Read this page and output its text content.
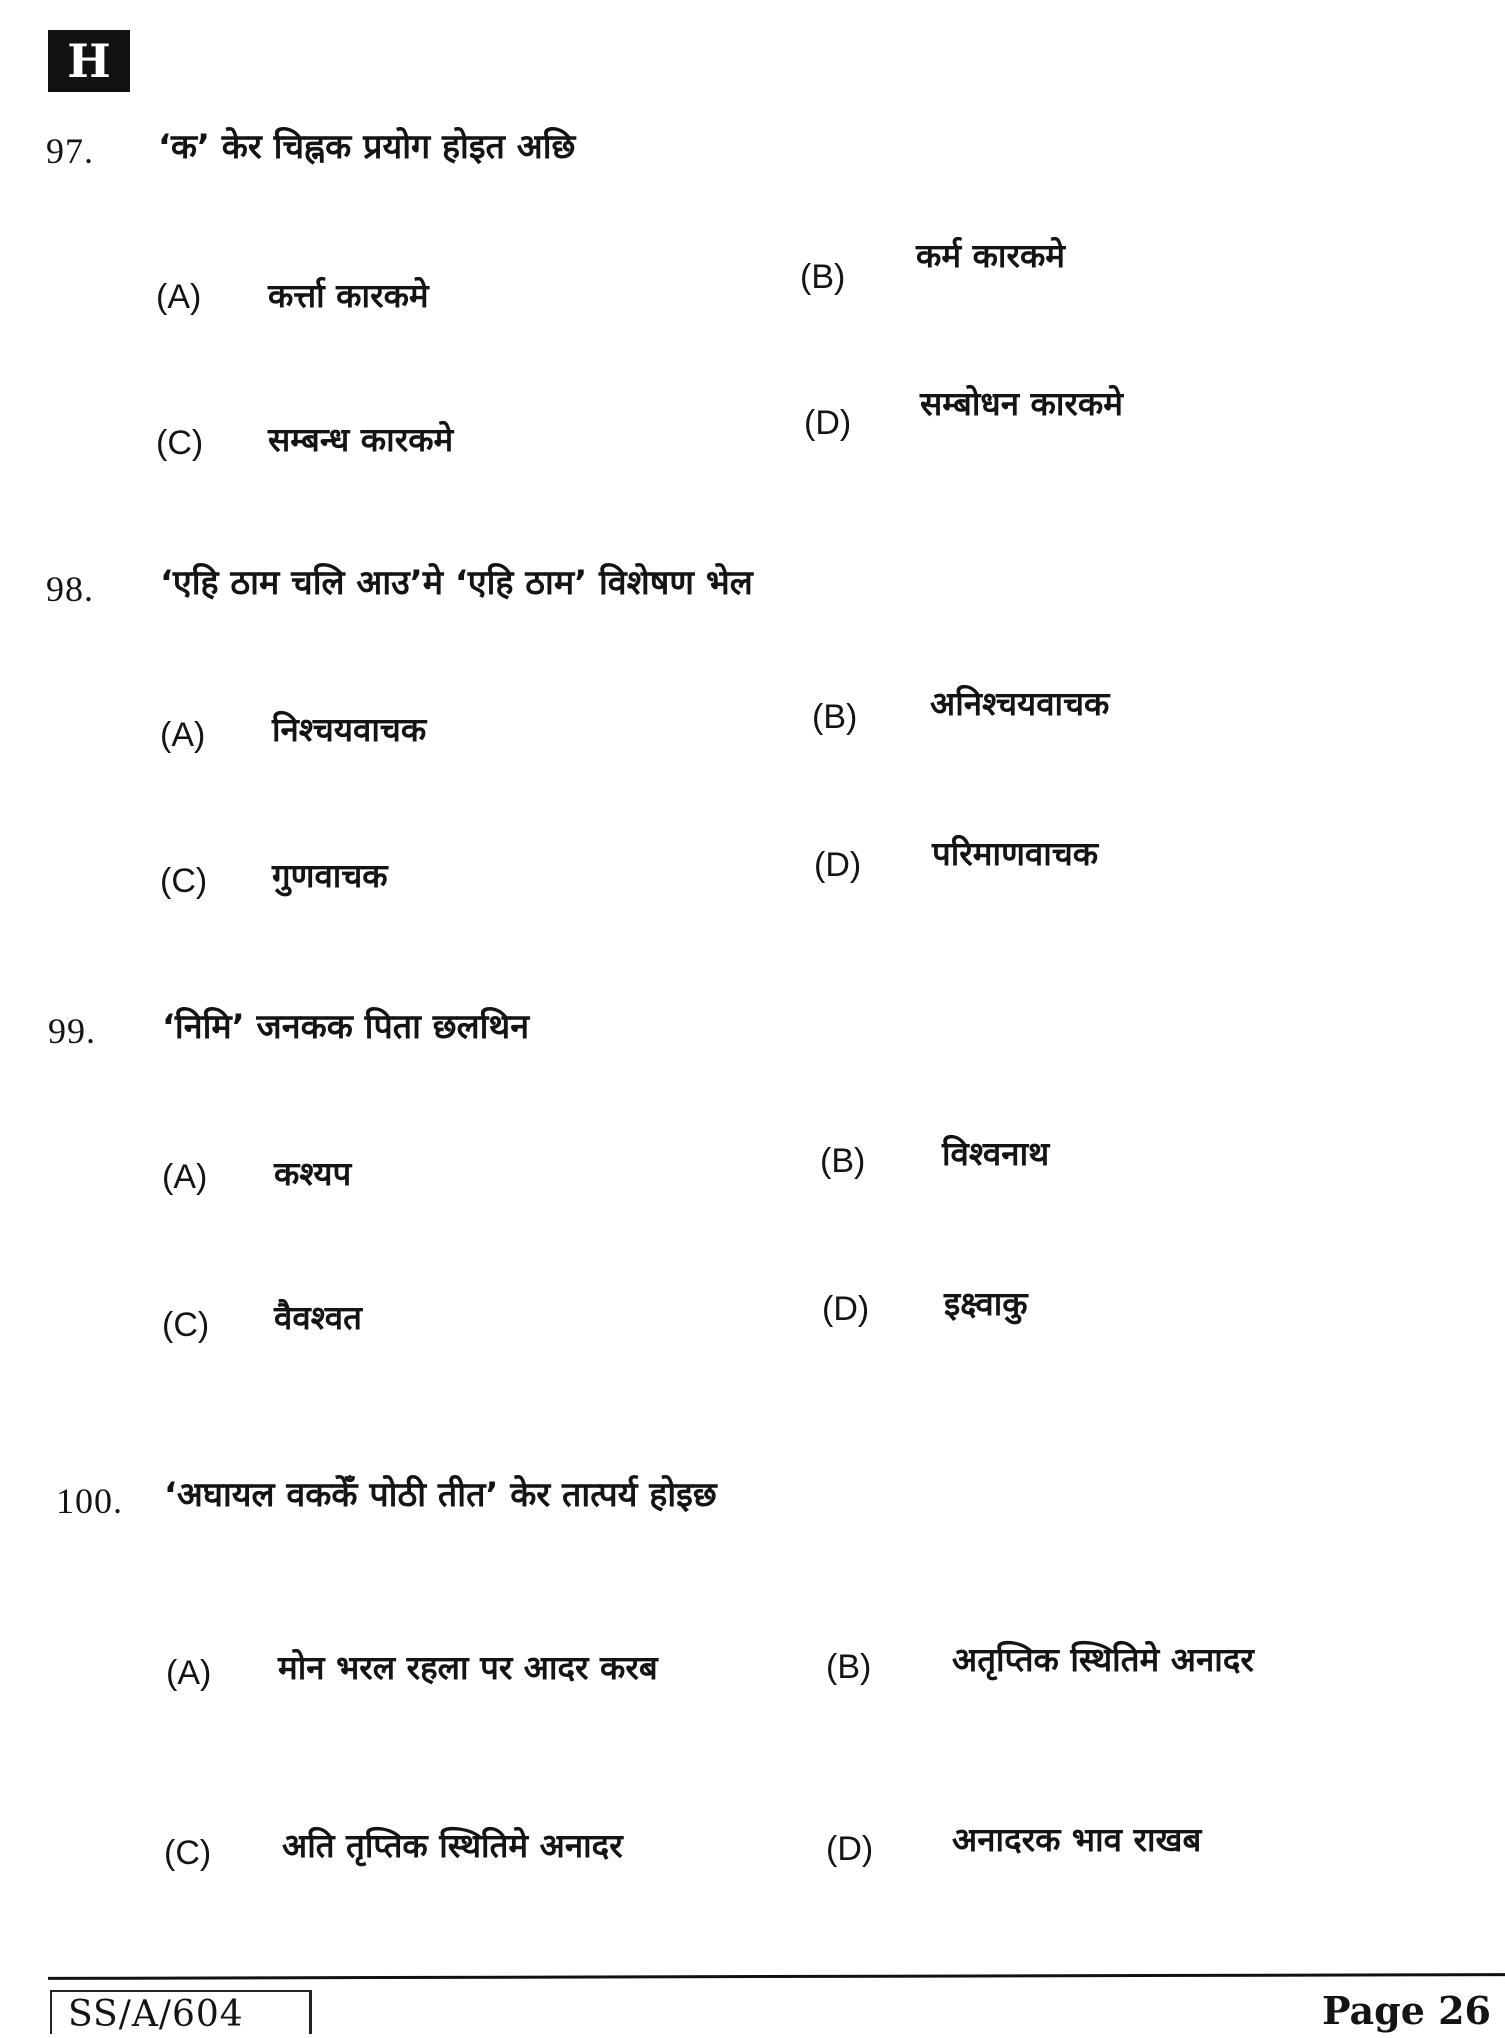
H
97. ‘क’ केर चिह्नक प्रयोग होइत अछि
(A) कर्त्ता कारकमे	(B)
कर्म कारकमे
(C) सम्बन्ध कारकमे	(D) सम्बोधन कारकमे
98. ‘एहि ठाम चलि आउ’मे ‘एहि ठाम’ विशेषण भेल
(A) निश्चयवाचक	(B) अनिश्चयवाचक
(C) गुणवाचक	(D) परिमाणवाचक
99. ‘निमि’ जनकक पिता छलथिन
(A) कश्यप	(B) विश्वनाथ
(C) वैवश्वत	(D) इक्ष्वाकु
100. ‘अघायल वककेँ पोठी तीत’ केर तात्पर्य होइछ
(A) मोन भरल रहला पर आदर करब	(B) अतृप्तिक स्थितिमे अनादर
(C) अति तृप्तिक स्थितिमे अनादर	(D) अनादरक भाव राखब
SS/A/604	Page 26
